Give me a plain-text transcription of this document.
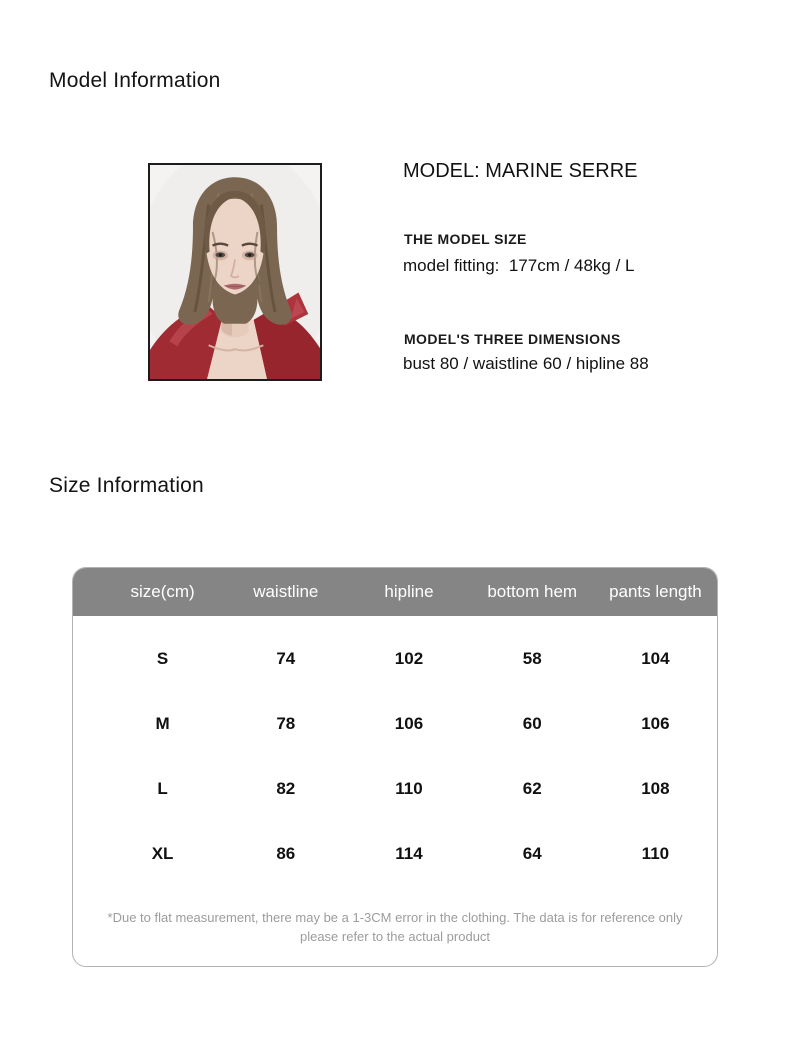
Model Information
MODEL: MARINE SERRE
THE MODEL SIZE
model fitting:  177cm / 48kg / L
MODEL'S THREE DIMENSIONS
bust 80 / waistline 60 / hipline 88
Size Information
size(cm)	waistline	hipline	bottom hem	pants length
S	74	102	58	104
M	78	106	60	106
L	82	110	62	108
XL	86	114	64	110
*Due to flat measurement, there may be a 1-3CM error in the clothing. The data is for reference only
please refer to the actual product
